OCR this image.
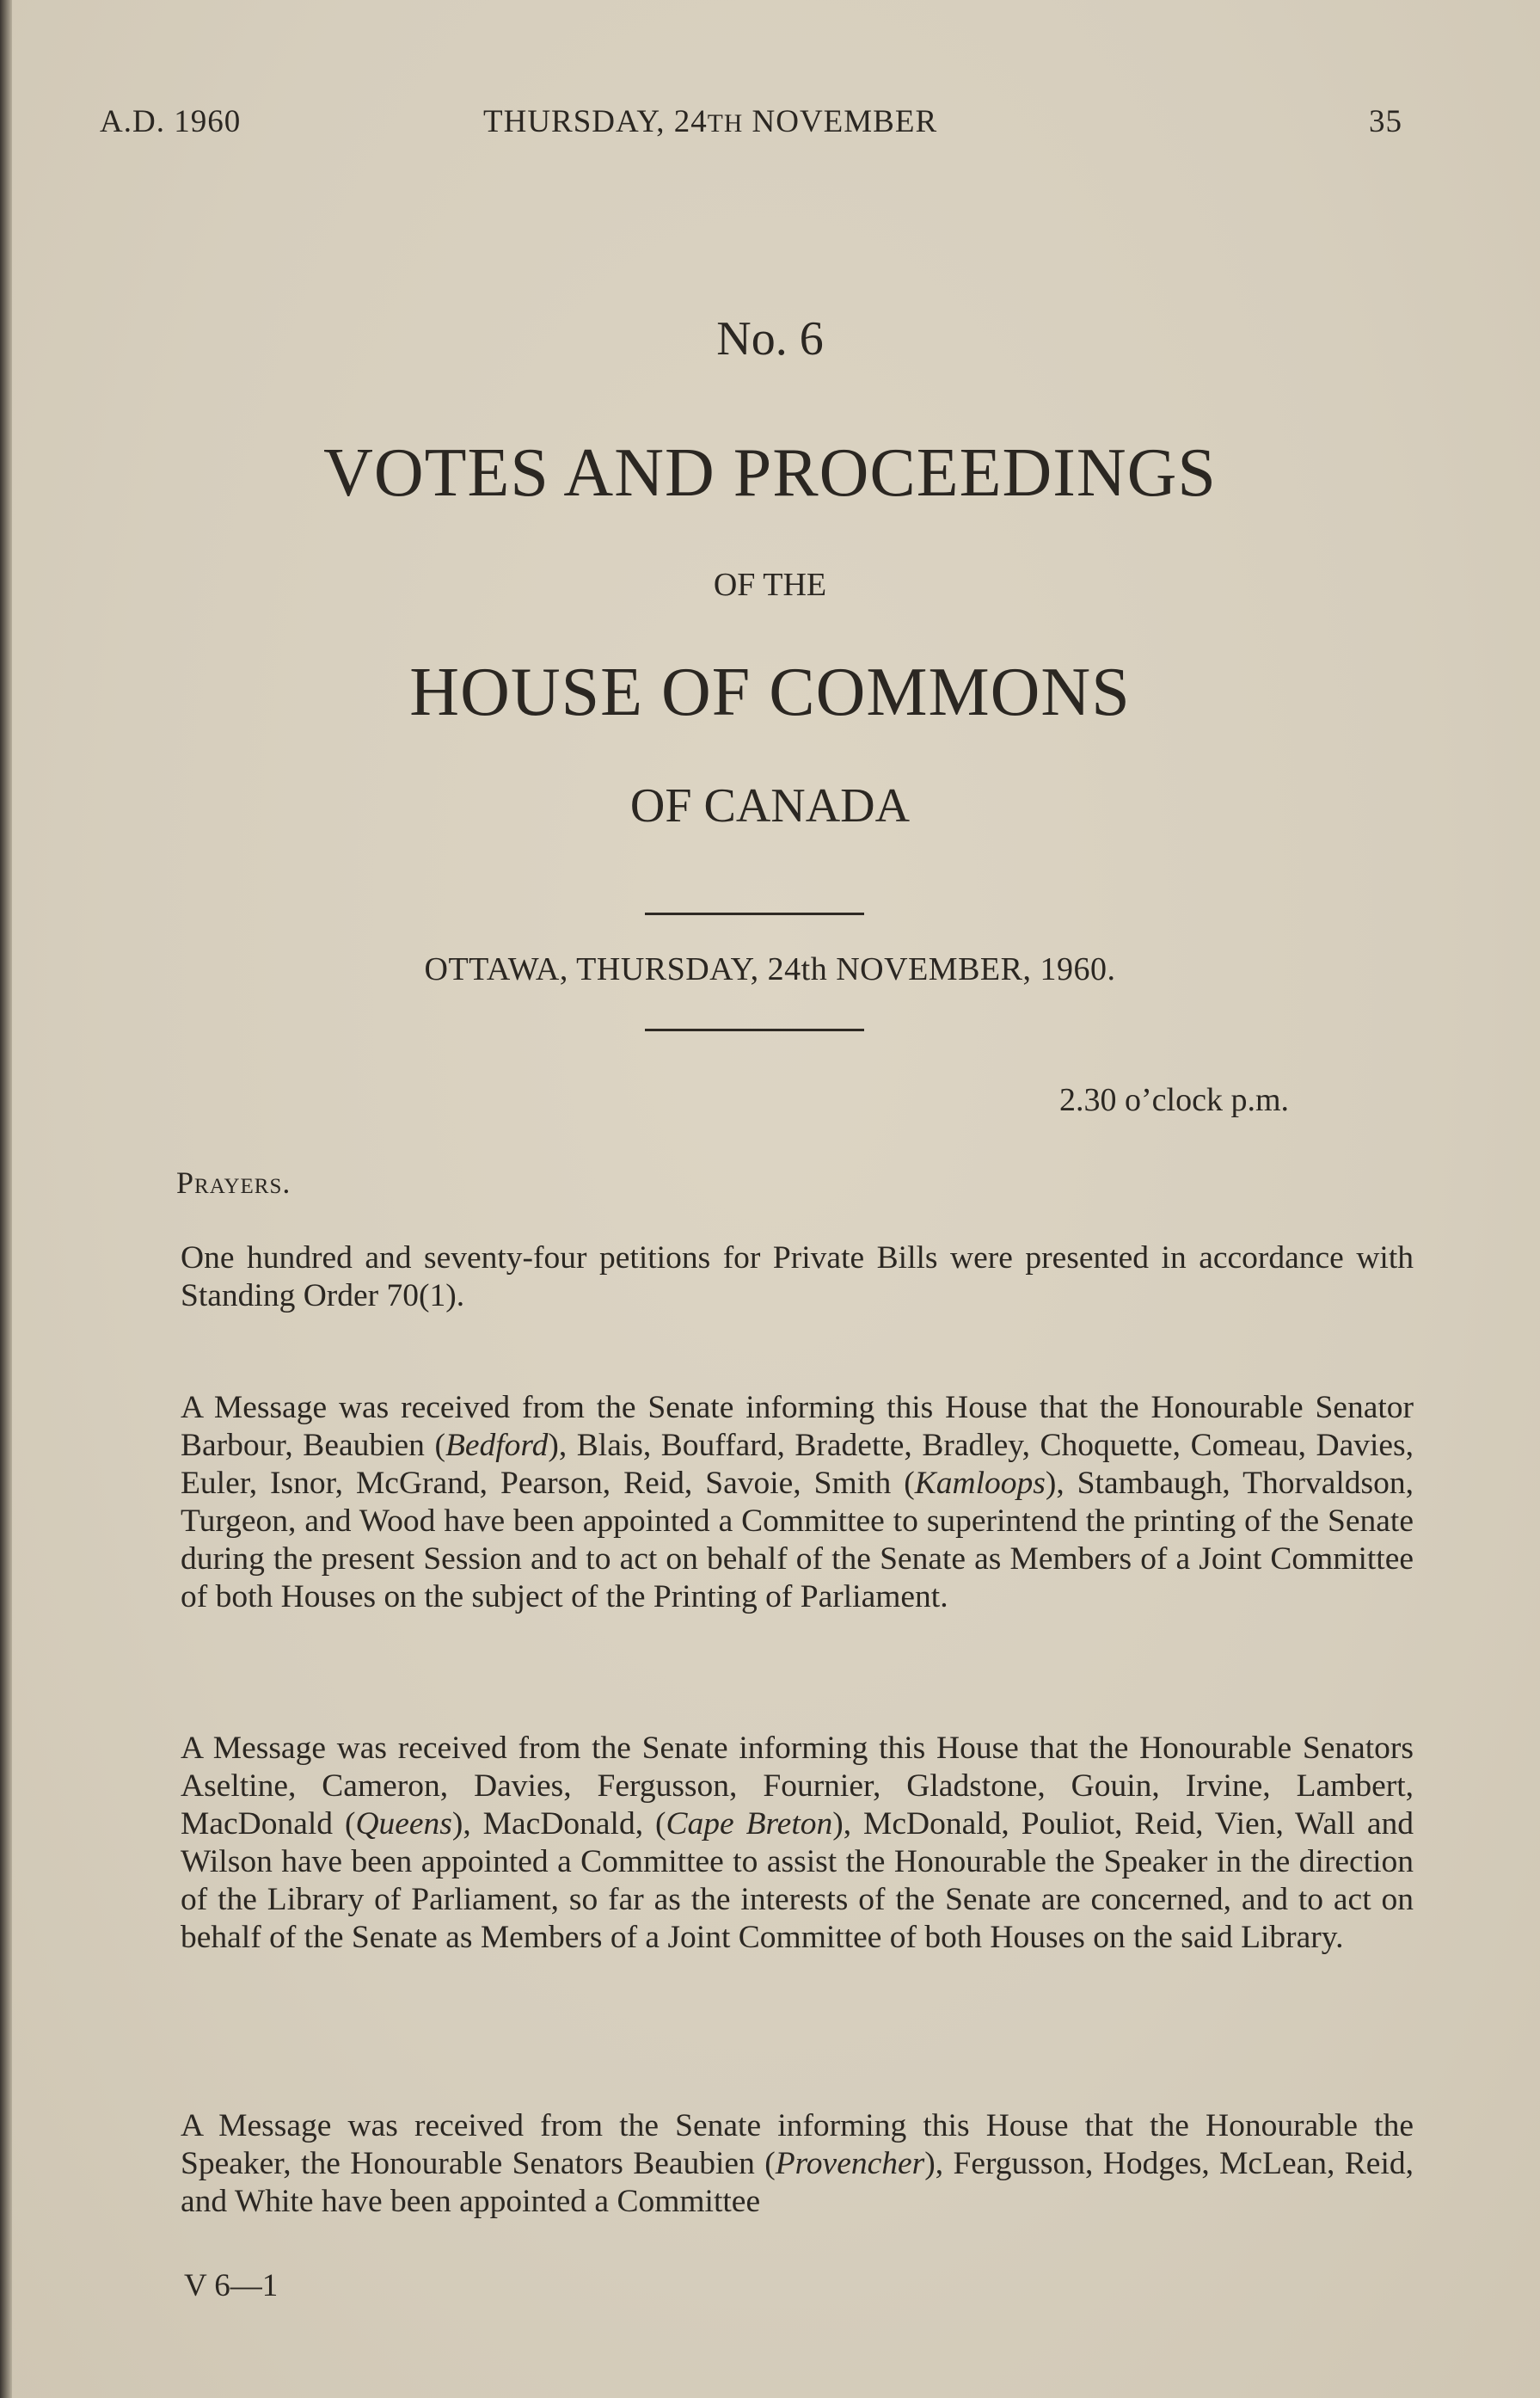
A.D. 1960	THURSDAY, 24TH NOVEMBER	35
No. 6
VOTES AND PROCEEDINGS
OF THE
HOUSE OF COMMONS
OF CANADA
OTTAWA, THURSDAY, 24th NOVEMBER, 1960.
2.30 o’clock p.m.
Prayers.

One hundred and seventy-four petitions for Private Bills were presented in accordance with Standing Order 70(1).

A Message was received from the Senate informing this House that the Honourable Senator Barbour, Beaubien (Bedford), Blais, Bouffard, Bradette, Bradley, Choquette, Comeau, Davies, Euler, Isnor, McGrand, Pearson, Reid, Savoie, Smith (Kamloops), Stambaugh, Thorvaldson, Turgeon, and Wood have been appointed a Committee to superintend the printing of the Senate during the present Session and to act on behalf of the Senate as Members of a Joint Committee of both Houses on the subject of the Printing of Parliament.

A Message was received from the Senate informing this House that the Honourable Senators Aseltine, Cameron, Davies, Fergusson, Fournier, Gladstone, Gouin, Irvine, Lambert, MacDonald (Queens), MacDonald, (Cape Breton), McDonald, Pouliot, Reid, Vien, Wall and Wilson have been appointed a Committee to assist the Honourable the Speaker in the direction of the Library of Parliament, so far as the interests of the Senate are concerned, and to act on behalf of the Senate as Members of a Joint Committee of both Houses on the said Library.

A Message was received from the Senate informing this House that the Honourable the Speaker, the Honourable Senators Beaubien (Provencher), Fergusson, Hodges, McLean, Reid, and White have been appointed a Committee

V 6—1
